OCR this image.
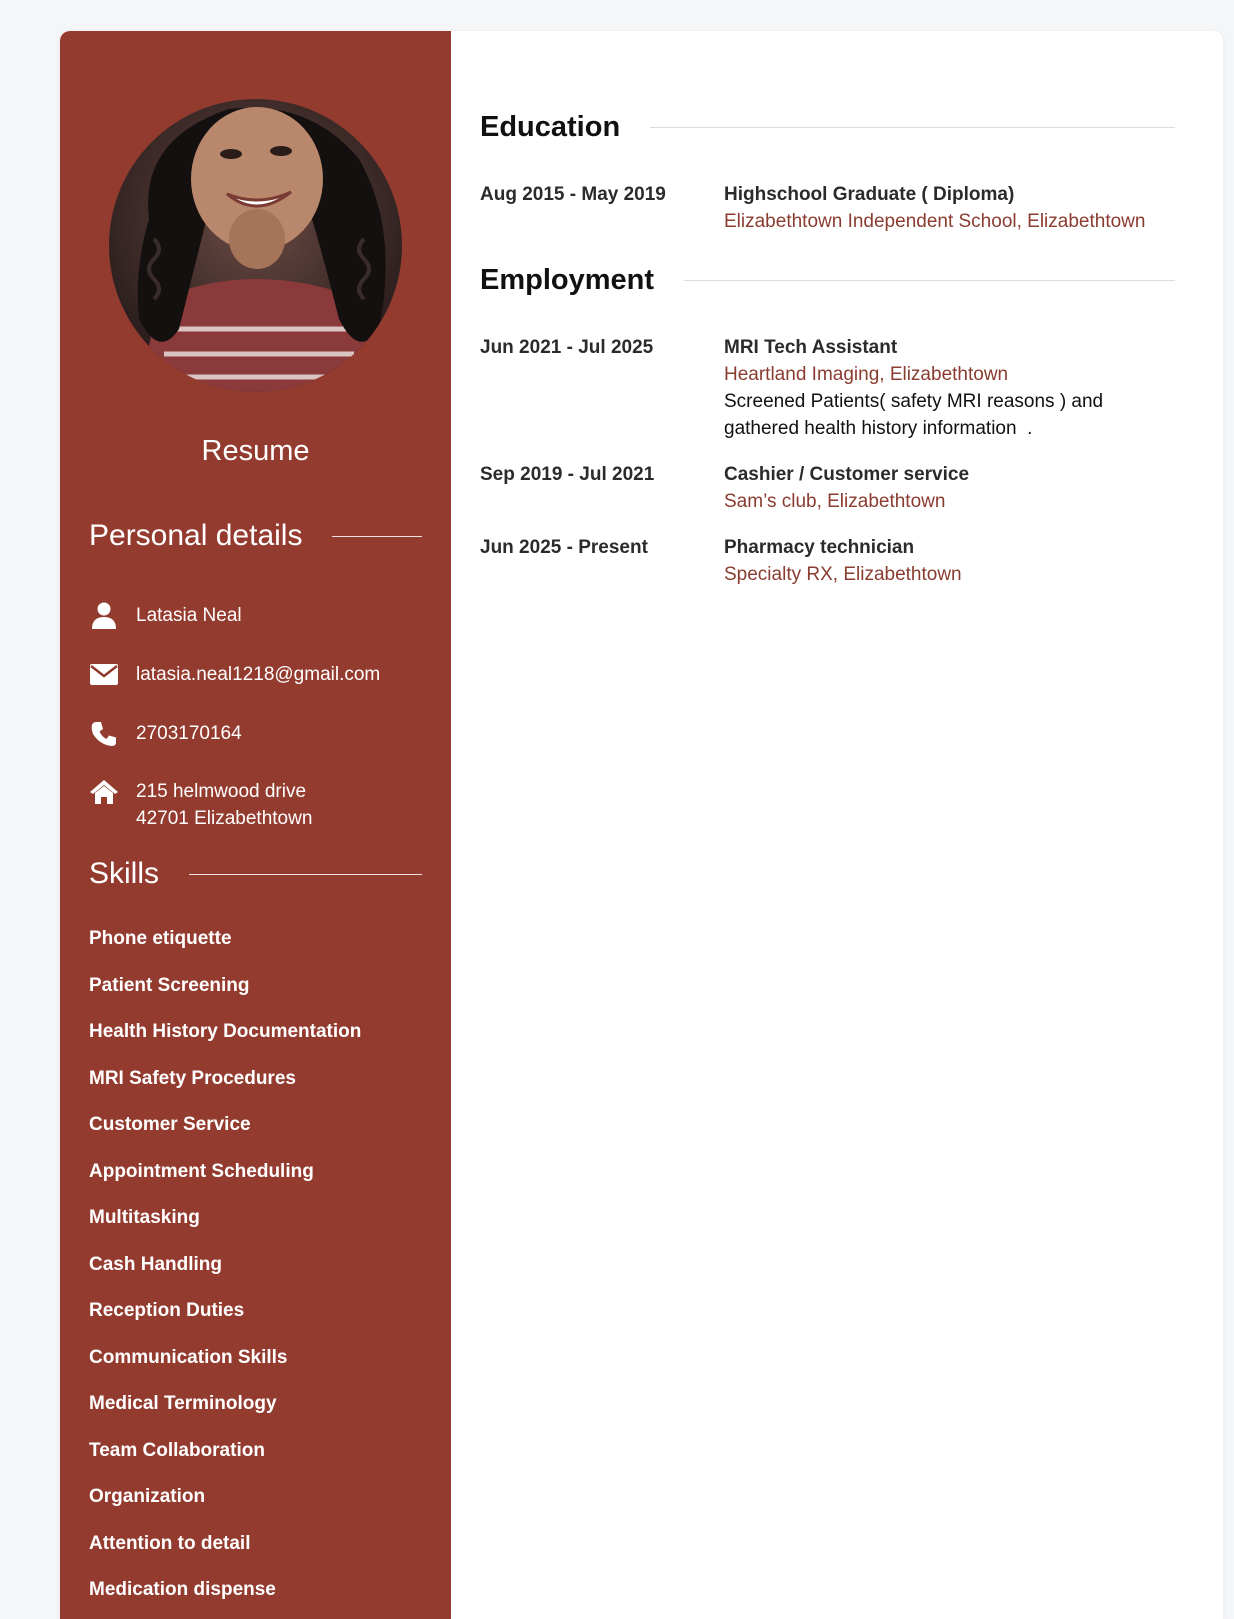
Resume
Personal details
Latasia Neal
latasia.neal1218@gmail.com
2703170164
215 helmwood drive
42701 Elizabethtown
Skills
Phone etiquette
Patient Screening
Health History Documentation
MRI Safety Procedures
Customer Service
Appointment Scheduling
Multitasking
Cash Handling
Reception Duties
Communication Skills
Medical Terminology
Team Collaboration
Organization
Attention to detail
Medication dispense
Education
Aug 2015 - May 2019	Highschool Graduate ( Diploma)
Elizabethtown Independent School, Elizabethtown
Employment
Jun 2021 - Jul 2025	MRI Tech Assistant
Heartland Imaging, Elizabethtown
Screened Patients( safety MRI reasons ) and
gathered health history information  .
Sep 2019 - Jul 2021	Cashier / Customer service
Sam’s club, Elizabethtown
Jun 2025 - Present	Pharmacy technician
Specialty RX, Elizabethtown
